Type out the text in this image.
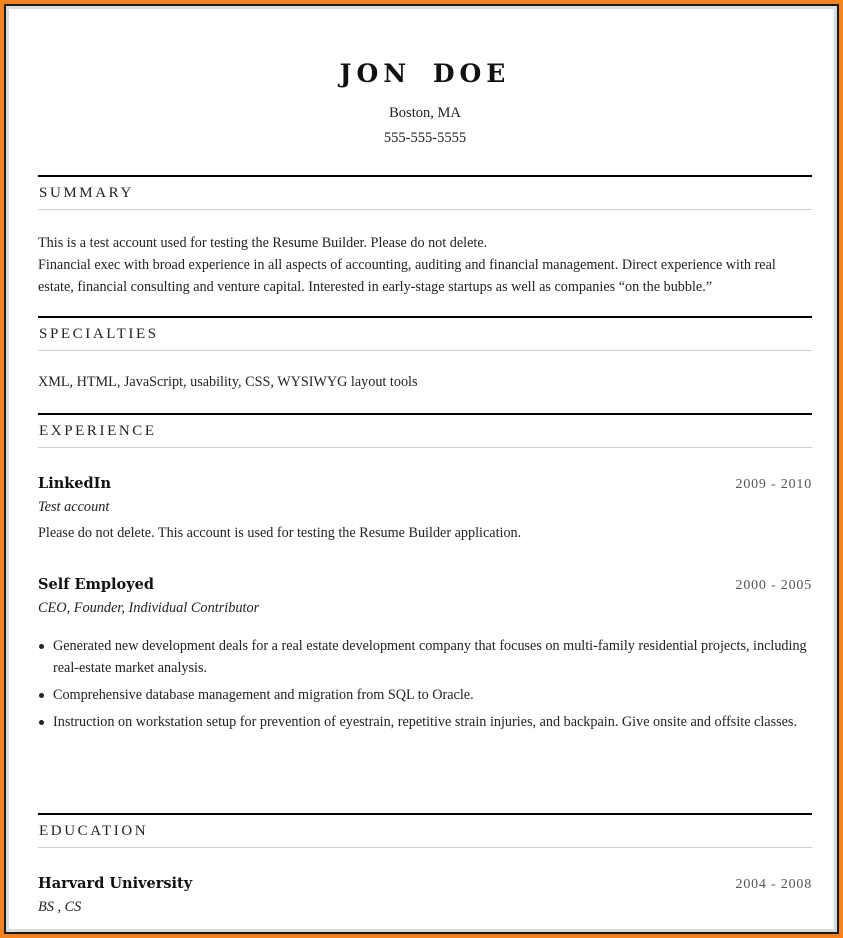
JON DOE
Boston, MA
555-555-5555
SUMMARY
This is a test account used for testing the Resume Builder. Please do not delete.
Financial exec with broad experience in all aspects of accounting, auditing and financial management. Direct experience with real estate, financial consulting and venture capital. Interested in early-stage startups as well as companies “on the bubble.”
SPECIALTIES
XML, HTML, JavaScript, usability, CSS, WYSIWYG layout tools
EXPERIENCE
LinkedIn	2009 - 2010
Test account
Please do not delete. This account is used for testing the Resume Builder application.
Self Employed	2000 - 2005
CEO, Founder, Individual Contributor
Generated new development deals for a real estate development company that focuses on multi-family residential projects, including real-estate market analysis.
Comprehensive database management and migration from SQL to Oracle.
Instruction on workstation setup for prevention of eyestrain, repetitive strain injuries, and backpain. Give onsite and offsite classes.
EDUCATION
Harvard University	2004 - 2008
BS , CS
